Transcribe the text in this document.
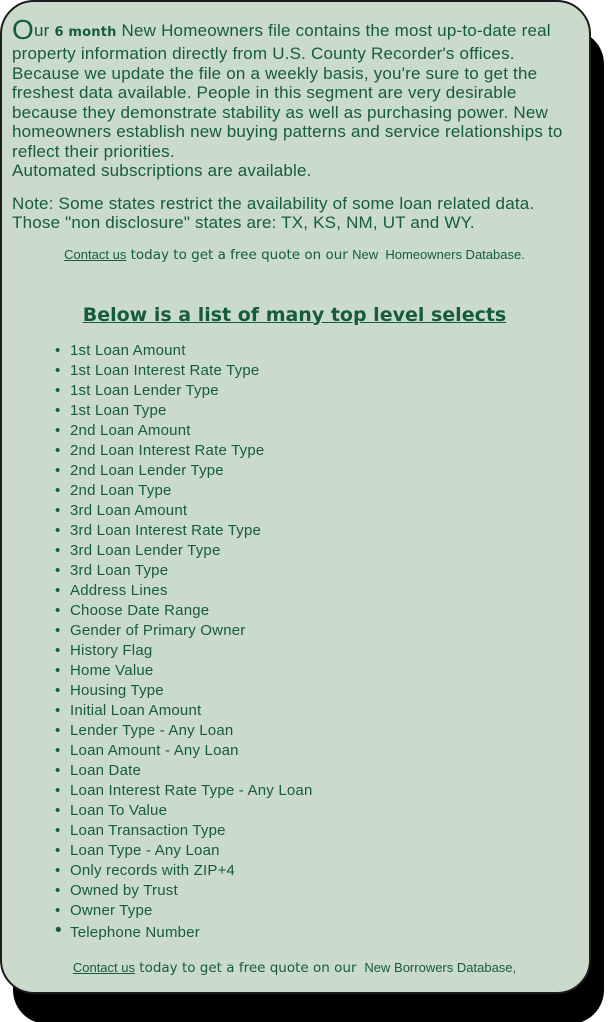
Our 6 month New Homeowners file contains the most up-to-date real property information directly from U.S. County Recorder's offices. Because we update the file on a weekly basis, you're sure to get the freshest data available. People in this segment are very desirable because they demonstrate stability as well as purchasing power. New homeowners establish new buying patterns and service relationships to reflect their priorities.
Automated subscriptions are available.

Note: Some states restrict the availability of some loan related data. Those "non disclosure" states are: TX, KS, NM, UT and WY.

Contact us today to get a free quote on our New  Homeowners Database.

Below is a list of many top level selects
• 1st Loan Amount
• 1st Loan Interest Rate Type
• 1st Loan Lender Type
• 1st Loan Type
• 2nd Loan Amount
• 2nd Loan Interest Rate Type
• 2nd Loan Lender Type
• 2nd Loan Type
• 3rd Loan Amount
• 3rd Loan Interest Rate Type
• 3rd Loan Lender Type
• 3rd Loan Type
• Address Lines
• Choose Date Range
• Gender of Primary Owner
• History Flag
• Home Value
• Housing Type
• Initial Loan Amount
• Lender Type - Any Loan
• Loan Amount - Any Loan
• Loan Date
• Loan Interest Rate Type - Any Loan
• Loan To Value
• Loan Transaction Type
• Loan Type - Any Loan
• Only records with ZIP+4
• Owned by Trust
• Owner Type
• Telephone Number

Contact us today to get a free quote on our  New Borrowers Database,
